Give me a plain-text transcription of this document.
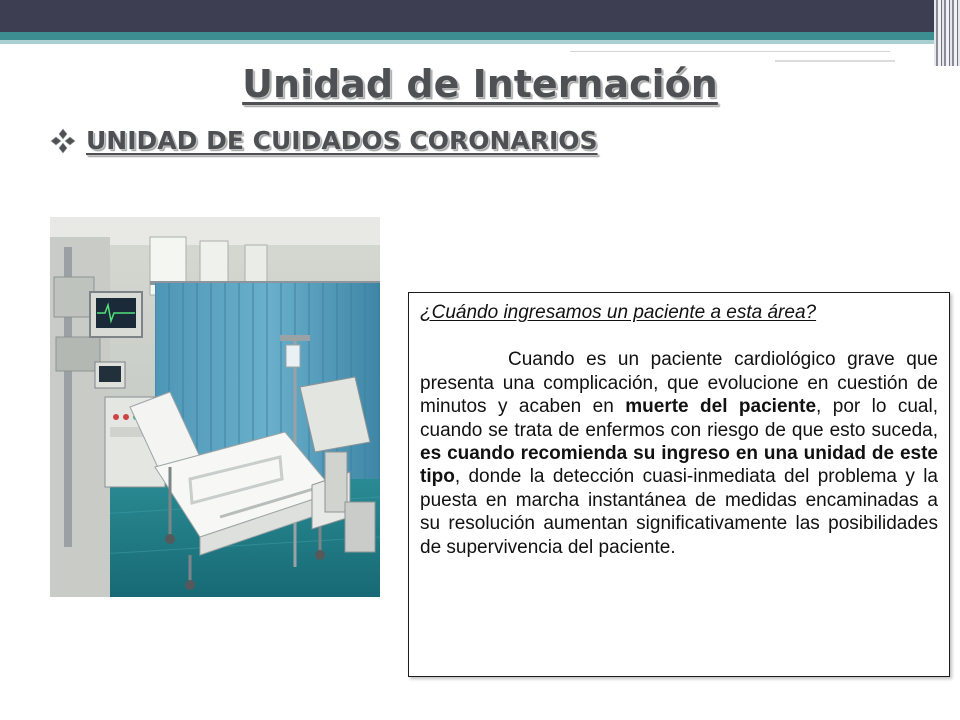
Unidad de Internación
UNIDAD DE CUIDADOS CORONARIOS

¿Cuándo ingresamos un paciente a esta área?

Cuando es un paciente cardiológico grave que presenta una complicación, que evolucione en cuestión de minutos y acaben en muerte del paciente, por lo cual, cuando se trata de enfermos con riesgo de que esto suceda, es cuando recomienda su ingreso en una unidad de este tipo, donde la detección cuasi-inmediata del problema y la puesta en marcha instantánea de medidas encaminadas a su resolución aumentan significativamente las posibilidades de supervivencia del paciente.
